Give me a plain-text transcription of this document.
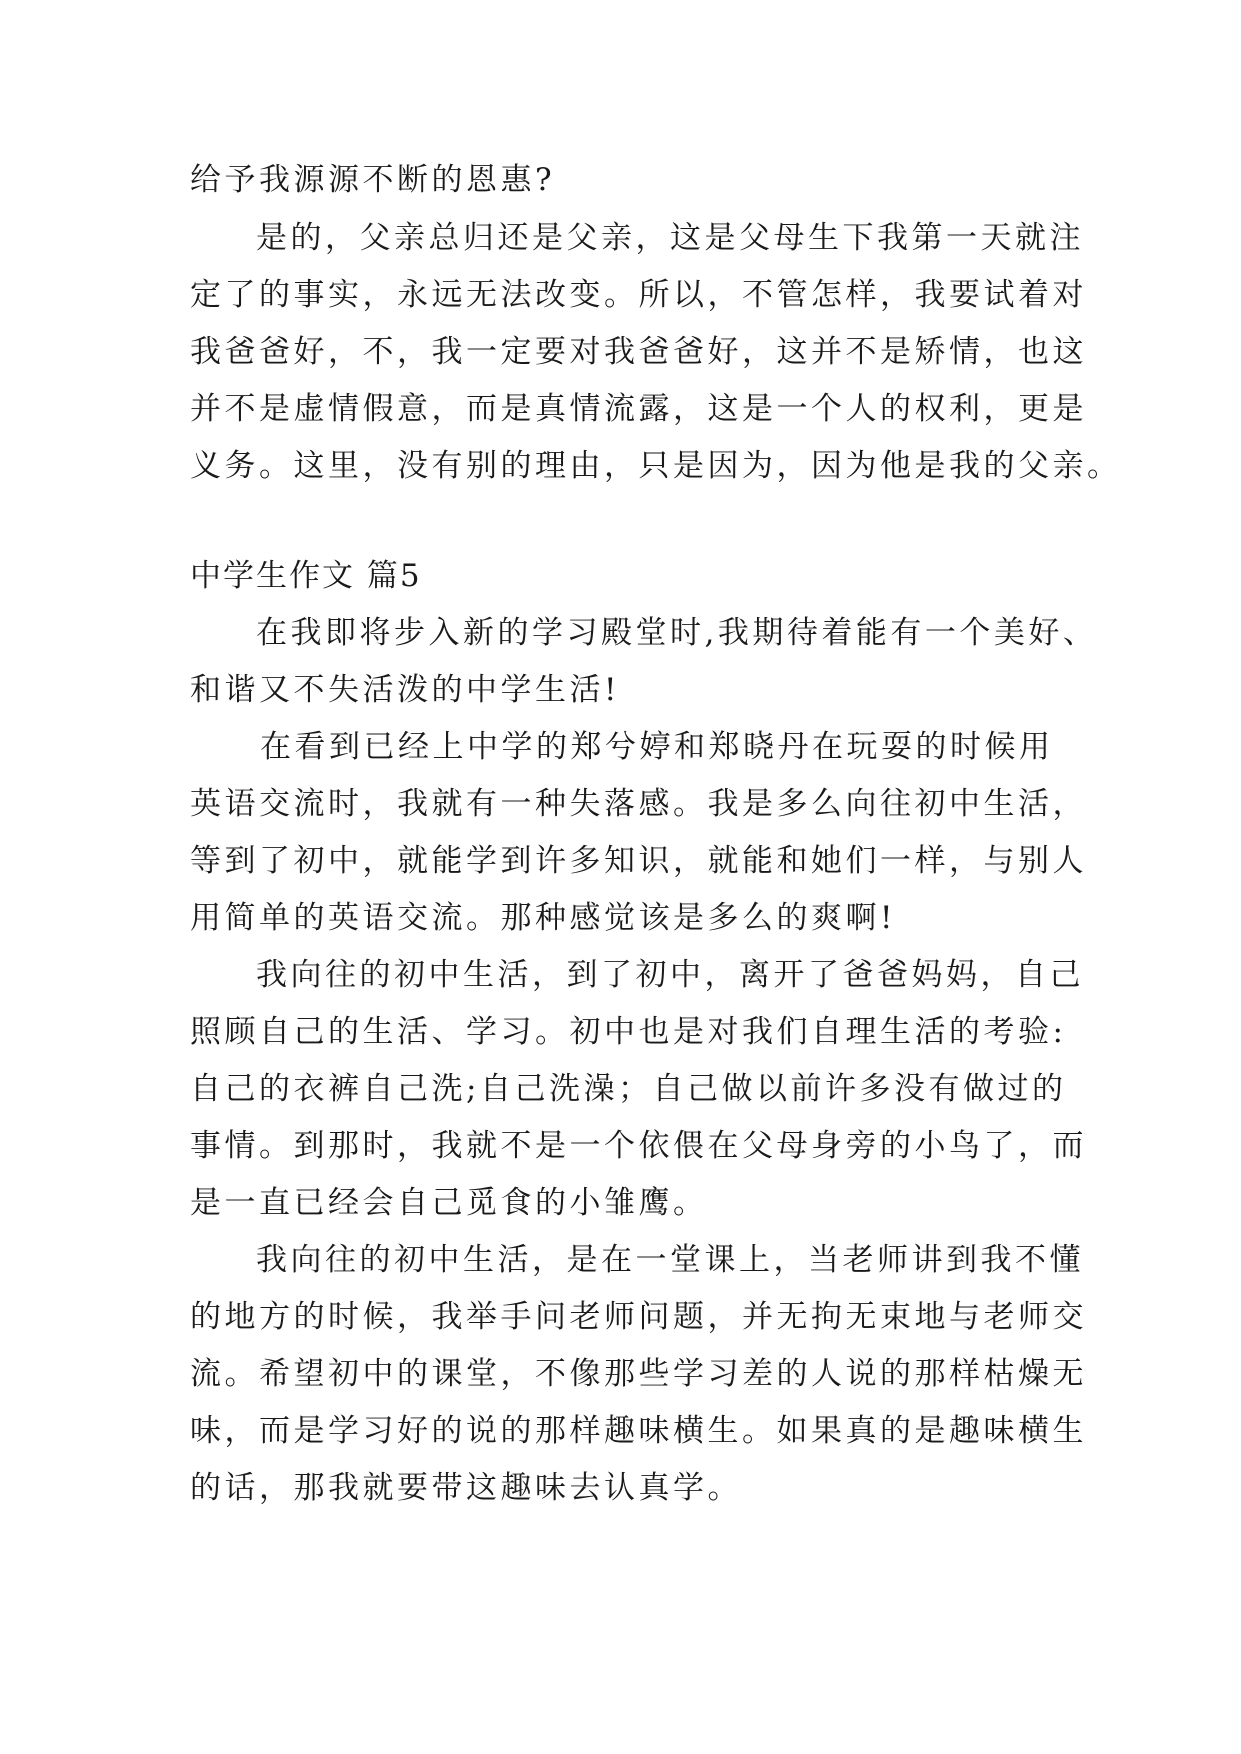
给予我源源不断的恩惠?
是的，父亲总归还是父亲，这是父母生下我第一天就注
定了的事实，永远无法改变。所以，不管怎样，我要试着对
我爸爸好，不，我一定要对我爸爸好，这并不是矫情，也这
并不是虚情假意，而是真情流露，这是一个人的权利，更是
义务。这里，没有别的理由，只是因为，因为他是我的父亲。
中学生作文 篇5
在我即将步入新的学习殿堂时,我期待着能有一个美好、
和谐又不失活泼的中学生活!
在看到已经上中学的郑兮婷和郑晓丹在玩耍的时候用
英语交流时，我就有一种失落感。我是多么向往初中生活，
等到了初中，就能学到许多知识，就能和她们一样，与别人
用简单的英语交流。那种感觉该是多么的爽啊!
我向往的初中生活，到了初中，离开了爸爸妈妈，自己
照顾自己的生活、学习。初中也是对我们自理生活的考验:
自己的衣裤自己洗;自己洗澡；自己做以前许多没有做过的
事情。到那时，我就不是一个依偎在父母身旁的小鸟了，而
是一直已经会自己觅食的小雏鹰。
我向往的初中生活，是在一堂课上，当老师讲到我不懂
的地方的时候，我举手问老师问题，并无拘无束地与老师交
流。希望初中的课堂，不像那些学习差的人说的那样枯燥无
味，而是学习好的说的那样趣味横生。如果真的是趣味横生
的话，那我就要带这趣味去认真学。
